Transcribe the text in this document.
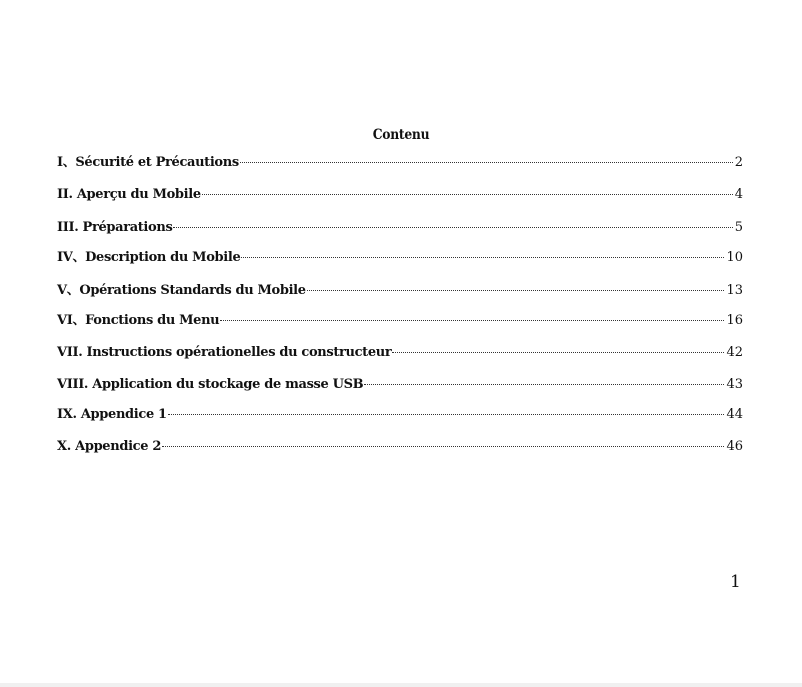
Contenu
I、Sécurité et Précautions	2
II. Aperçu du Mobile	4
III. Préparations	5
IV、Description du Mobile	10
V、Opérations Standards du Mobile	13
VI、Fonctions du Menu	16
VII. Instructions opérationelles du constructeur	42
VIII. Application du stockage de masse USB	43
IX. Appendice 1	44
X. Appendice 2	46
1
